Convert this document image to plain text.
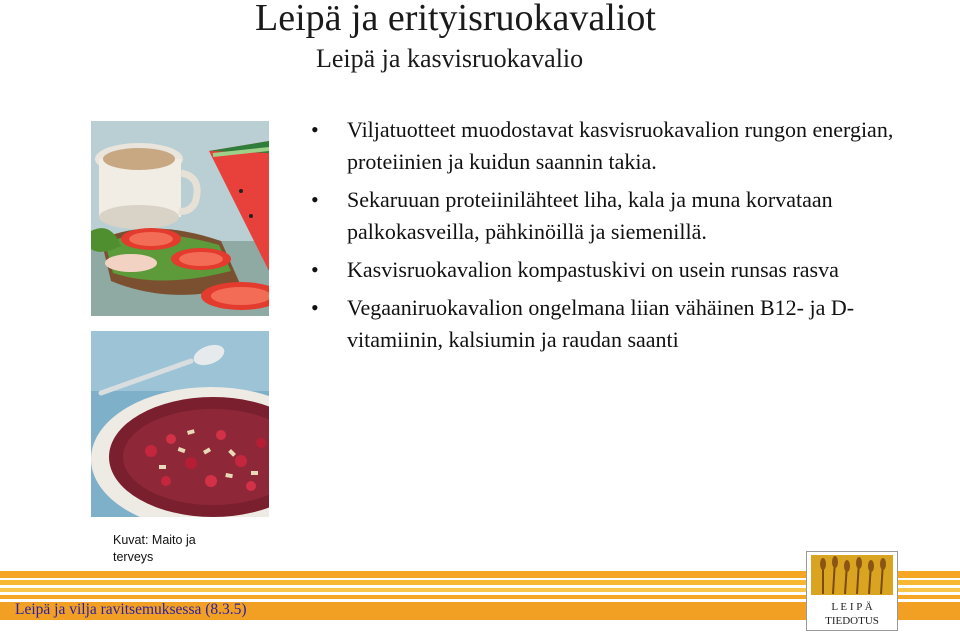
Leipä ja erityisruokavaliot
Leipä ja kasvisruokavalio
• Viljatuotteet muodostavat kasvisruokavalion rungon energian, proteiinien ja kuidun saannin takia.
• Sekaruuan proteiinilähteet liha, kala ja muna korvataan palkokasveilla, pähkinöillä ja siemenillä.
• Kasvisruokavalion kompastuskivi on usein runsas rasva
• Vegaaniruokavalion ongelmana liian vähäinen B12- ja D-vitamiinin, kalsiumin ja raudan saanti
Kuvat: Maito ja terveys
Leipä ja vilja ravitsemuksessa (8.3.5)	L E I P Ä
TIEDOTUS
